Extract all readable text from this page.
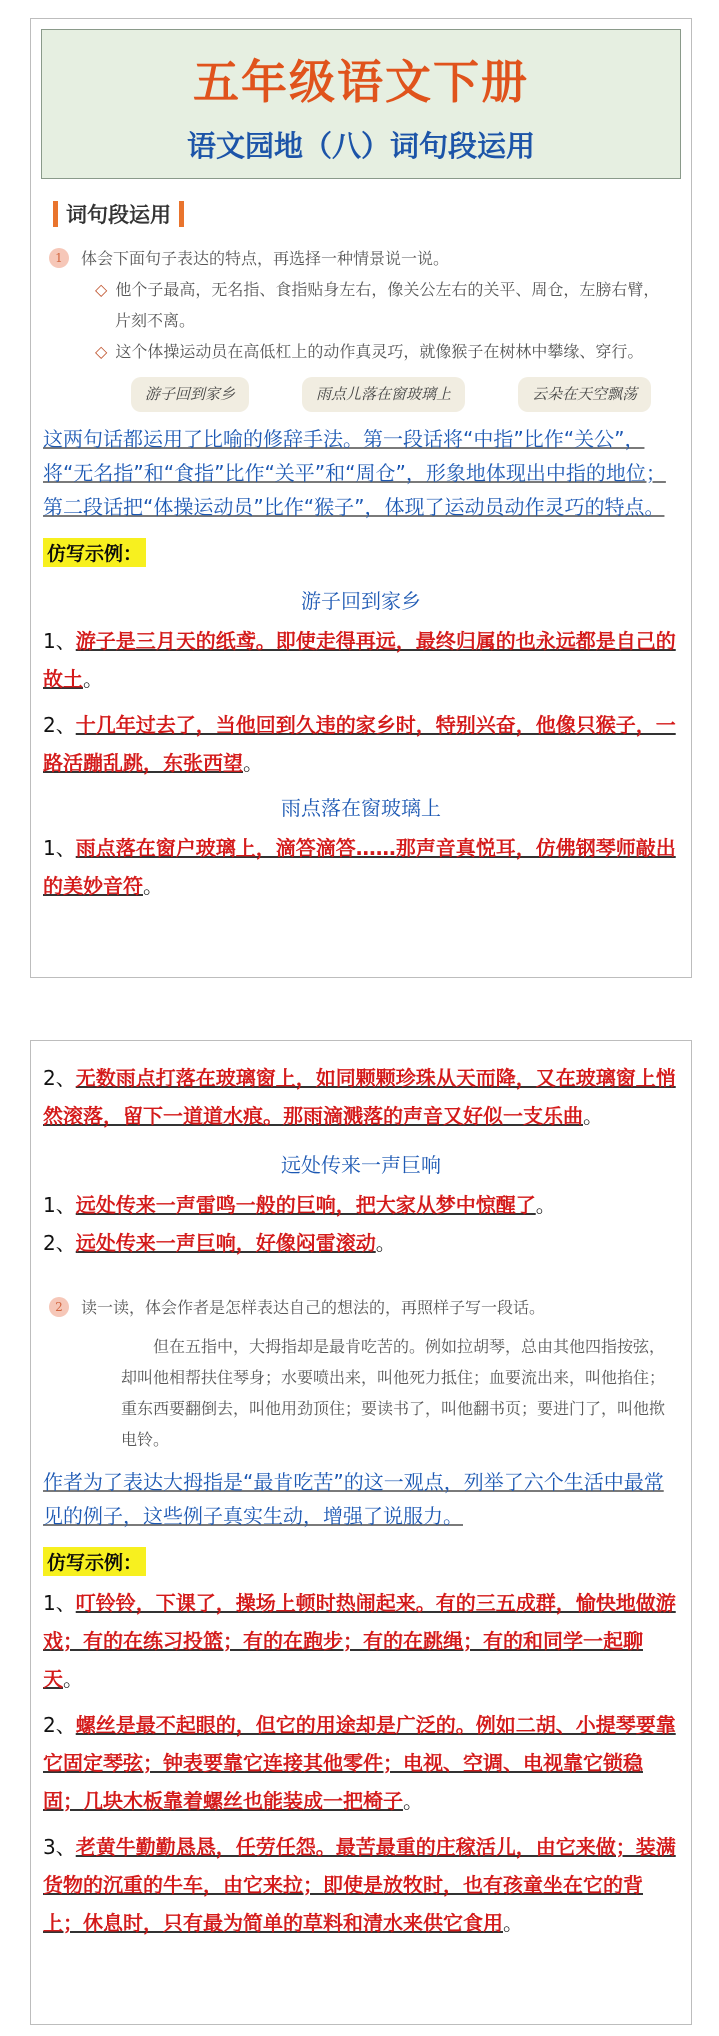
五年级语文下册
语文园地（八）词句段运用
词句段运用
1	体会下面句子表达的特点，再选择一种情景说一说。
◇ 他个子最高，无名指、食指贴身左右，像关公左右的关平、周仓，左膀右臂，片刻不离。
◇ 这个体操运动员在高低杠上的动作真灵巧，就像猴子在树林中攀缘、穿行。
游子回到家乡	雨点儿落在窗玻璃上	云朵在天空飘荡
这两句话都运用了比喻的修辞手法。第一段话将“中指”比作“关公”，将“无名指”和“食指”比作“关平”和“周仓”，形象地体现出中指的地位；第二段话把“体操运动员”比作“猴子”，体现了运动员动作灵巧的特点。
仿写示例：
游子回到家乡
1、游子是三月天的纸鸢。即使走得再远，最终归属的也永远都是自己的故土。
2、十几年过去了，当他回到久违的家乡时，特别兴奋，他像只猴子，一路活蹦乱跳，东张西望。
雨点落在窗玻璃上
1、雨点落在窗户玻璃上，滴答滴答……那声音真悦耳，仿佛钢琴师敲出的美妙音符。
2、无数雨点打落在玻璃窗上，如同颗颗珍珠从天而降，又在玻璃窗上悄然滚落，留下一道道水痕。那雨滴溅落的声音又好似一支乐曲。
远处传来一声巨响
1、远处传来一声雷鸣一般的巨响，把大家从梦中惊醒了。
2、远处传来一声巨响，好像闷雷滚动。
2	读一读，体会作者是怎样表达自己的想法的，再照样子写一段话。
但在五指中，大拇指却是最肯吃苦的。例如拉胡琴，总由其他四指按弦，却叫他相帮扶住琴身；水要喷出来，叫他死力抵住；血要流出来，叫他掐住；重东西要翻倒去，叫他用劲顶住；要读书了，叫他翻书页；要进门了，叫他揿电铃。
作者为了表达大拇指是“最肯吃苦”的这一观点，列举了六个生活中最常见的例子，这些例子真实生动，增强了说服力。
仿写示例：
1、叮铃铃，下课了，操场上顿时热闹起来。有的三五成群，愉快地做游戏；有的在练习投篮；有的在跑步；有的在跳绳；有的和同学一起聊天。
2、螺丝是最不起眼的，但它的用途却是广泛的。例如二胡、小提琴要靠它固定琴弦；钟表要靠它连接其他零件；电视、空调、电视靠它锁稳固；几块木板靠着螺丝也能装成一把椅子。
3、老黄牛勤勤恳恳，任劳任怨。最苦最重的庄稼活儿，由它来做；装满货物的沉重的牛车，由它来拉；即使是放牧时，也有孩童坐在它的背上；休息时，只有最为简单的草料和清水来供它食用。
